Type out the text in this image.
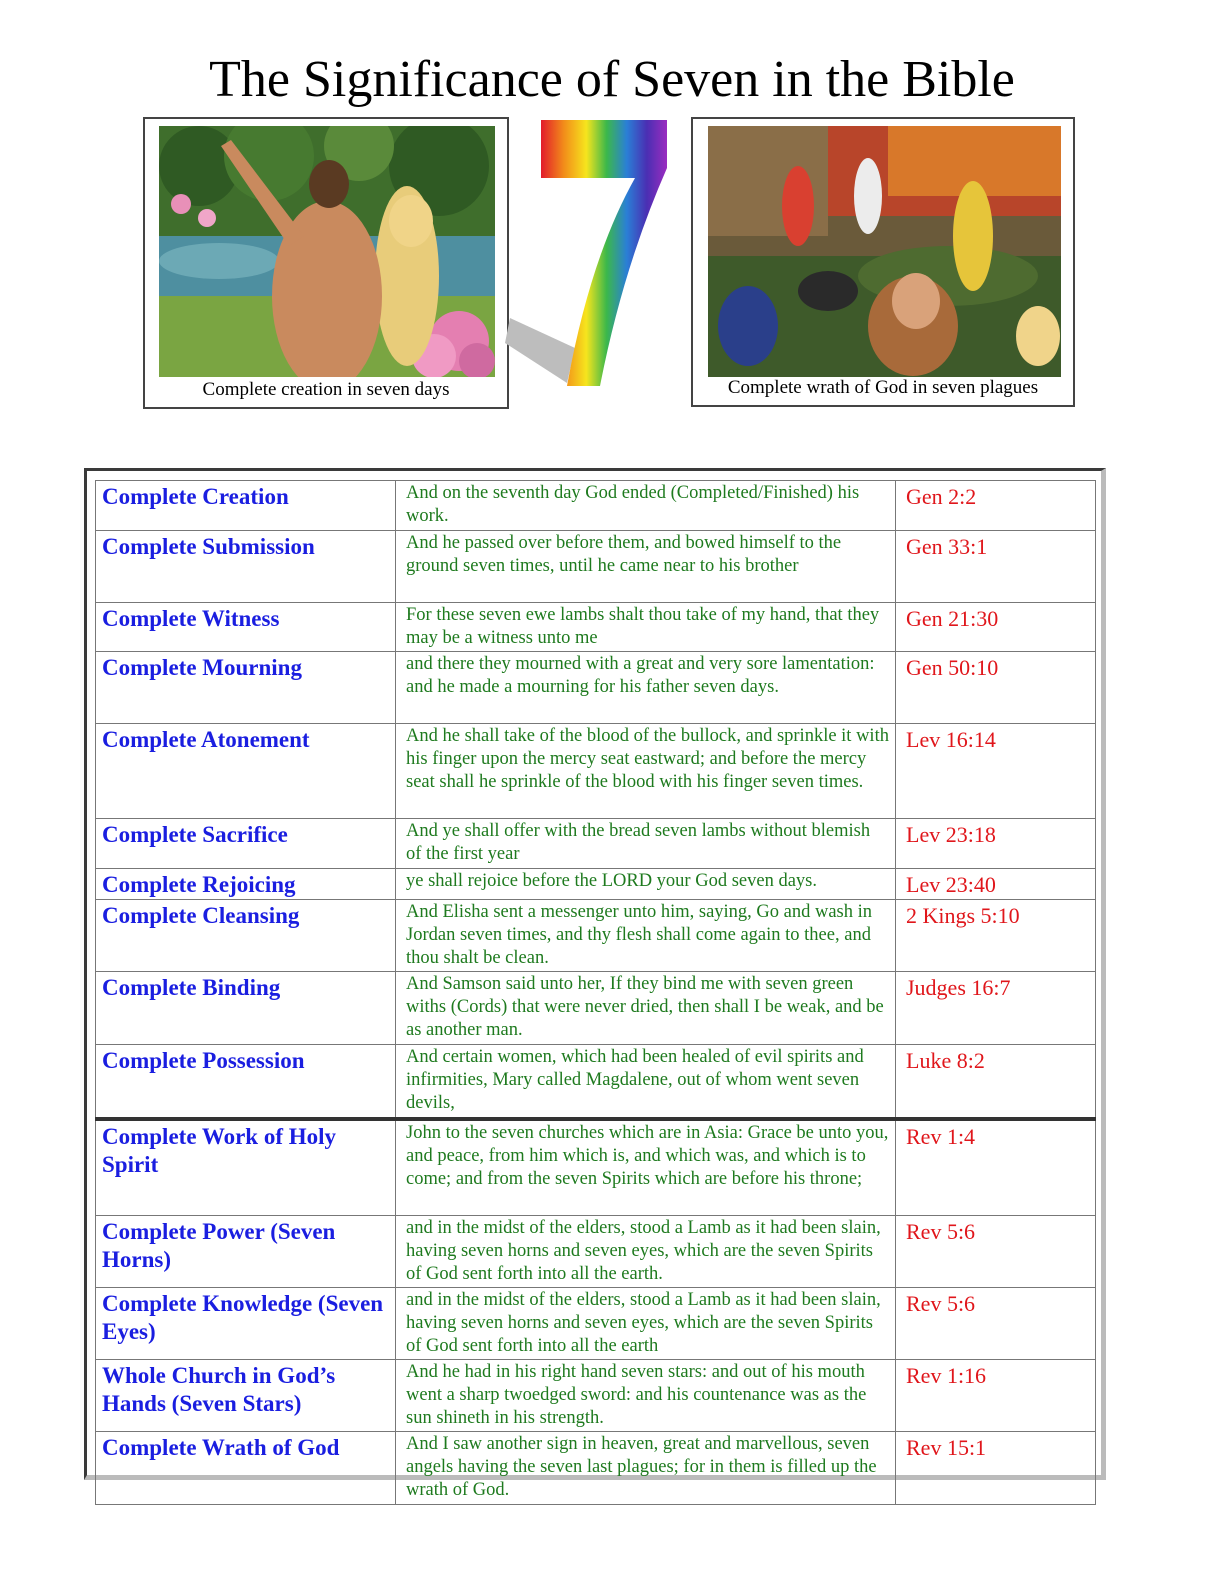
The Significance of Seven in the Bible
Complete creation in seven days	7	Complete wrath of God in seven plagues
Complete Creation	And on the seventh day God ended (Completed/Finished) his work.	Gen 2:2
Complete Submission	And he passed over before them, and bowed himself to the ground seven times, until he came near to his brother	Gen 33:1
Complete Witness	For these seven ewe lambs shalt thou take of my hand, that they may be a witness unto me	Gen 21:30
Complete Mourning	and there they mourned with a great and very sore lamentation: and he made a mourning for his father seven days.	Gen 50:10
Complete Atonement	And he shall take of the blood of the bullock, and sprinkle it with his finger upon the mercy seat eastward; and before the mercy seat shall he sprinkle of the blood with his finger seven times.	Lev 16:14
Complete Sacrifice	And ye shall offer with the bread seven lambs without blemish of the first year	Lev 23:18
Complete Rejoicing	ye shall rejoice before the LORD your God seven days.	Lev 23:40
Complete Cleansing	And Elisha sent a messenger unto him, saying, Go and wash in Jordan seven times, and thy flesh shall come again to thee, and thou shalt be clean.	2 Kings 5:10
Complete Binding	And Samson said unto her, If they bind me with seven green withs (Cords) that were never dried, then shall I be weak, and be as another man.	Judges 16:7
Complete Possession	And certain women, which had been healed of evil spirits and infirmities, Mary called Magdalene, out of whom went seven devils,	Luke 8:2
Complete Work of Holy Spirit	John to the seven churches which are in Asia: Grace be unto you, and peace, from him which is, and which was, and which is to come; and from the seven Spirits which are before his throne;	Rev 1:4
Complete Power (Seven Horns)	and in the midst of the elders, stood a Lamb as it had been slain, having seven horns and seven eyes, which are the seven Spirits of God sent forth into all the earth.	Rev 5:6
Complete Knowledge (Seven Eyes)	and in the midst of the elders, stood a Lamb as it had been slain, having seven horns and seven eyes, which are the seven Spirits of God sent forth into all the earth	Rev 5:6
Whole Church in God’s Hands (Seven Stars)	And he had in his right hand seven stars: and out of his mouth went a sharp twoedged sword: and his countenance was as the sun shineth in his strength.	Rev 1:16
Complete Wrath of God	And I saw another sign in heaven, great and marvellous, seven angels having the seven last plagues; for in them is filled up the wrath of God.	Rev 15:1
